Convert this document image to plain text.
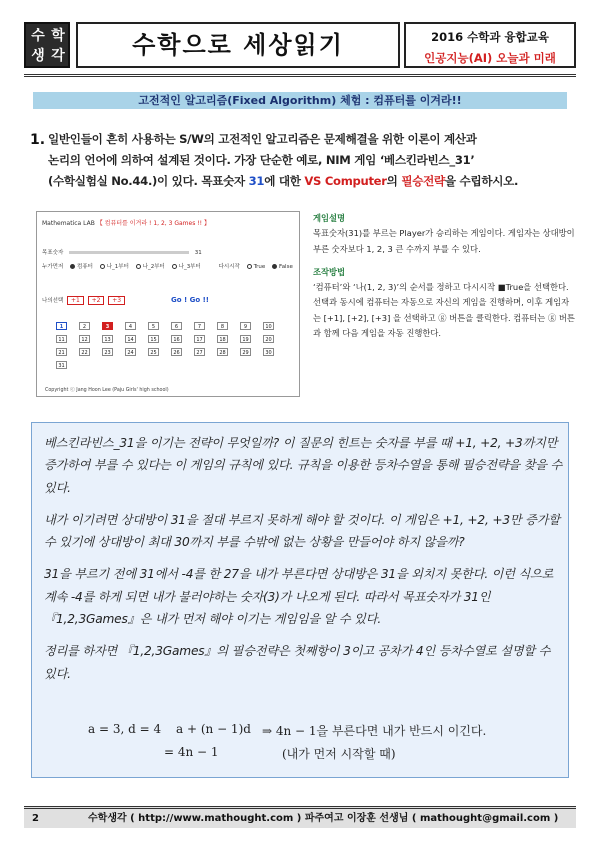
수 학
생 각	수학으로 세상읽기	2016 수학과 융합교육
인공지능(AI) 오늘과 미래
고전적인 알고리즘(Fixed Algorithm) 체험 : 컴퓨터를 이겨라!!
1. 일반인들이 흔히 사용하는 S/W의 고전적인 알고리즘은 문제해결을 위한 이론이 계산과
논리의 언어에 의하여 설계된 것이다. 가장 단순한 예로, NIM 게임 ‘베스킨라빈스_31’
(수학실험실 No.44.)이 있다. 목표숫자 31에 대한 VS Computer의 필승전략을 수립하시오.
Mathematica LAB 【 컴퓨터를 이겨라 ! 1, 2, 3 Games !! 】
목표숫자	31
누가먼저	컴퓨터	나_1부터	나_2부터	나_3부터	다시시작	True	False
나의선택 +1 +2 +3	Go ! Go !!
1	2	3	4	5	6	7	8	9	10
11	12	13	14	15	16	17	18	19	20
21	22	23	24	25	26	27	28	29	30
31
Copyright ⓒ Jang Hoon Lee (Paju Girls' high school)

게임설명

목표숫자(31)를 부르는 Player가 승리하는 게임이다. 게임자는 상대방이 부른 숫자보다 1, 2, 3 큰 수까지 부를 수 있다.

조작방법

‘컴퓨터’와 ‘나(1, 2, 3)’의 순서를 정하고 다시시작 ■True을 선택한다. 선택과 동시에 컴퓨터는 자동으로 자신의 게임을 진행하며, 이후 게임자는 [+1], [+2], [+3] 을 선택하고 ⓖ 버튼을 클릭한다. 컴퓨터는 ⓖ 버튼과 함께 다음 게임을 자동 진행한다.

베스킨라빈스_31을 이기는 전략이 무엇일까? 이 질문의 힌트는 숫자를 부를 때 +1, +2, +3까지만 증가하여 부를 수 있다는 이 게임의 규칙에 있다. 규칙을 이용한 등차수열을 통해 필승전략을 찾을 수 있다.

내가 이기려면 상대방이 31을 절대 부르지 못하게 해야 할 것이다. 이 게임은 +1, +2, +3만 증가할 수 있기에 상대방이 최대 30까지 부를 수밖에 없는 상황을 만들어야 하지 않을까?

31을 부르기 전에 31에서 -4를 한 27을 내가 부른다면 상대방은 31을 외치지 못한다. 이런 식으로 계속 -4를 하게 되면 내가 불러야하는 숫자(3)가 나오게 된다. 따라서 목표숫자가 31인 『1,2,3Games』은 내가 먼저 해야 이기는 게임임을 알 수 있다.

정리를 하자면 『1,2,3Games』의 필승전략은 첫째항이 3이고 공차가 4인 등차수열로 설명할 수 있다.

a = 3, d = 4 a + (n − 1)d ⇒ 4n − 1을 부른다면 내가 반드시 이긴다.
= 4n − 1	(내가 먼저 시작할 때)
2	수학생각 ( http://www.mathought.com ) 파주여고 이장훈 선생님 ( mathought@gmail.com )
